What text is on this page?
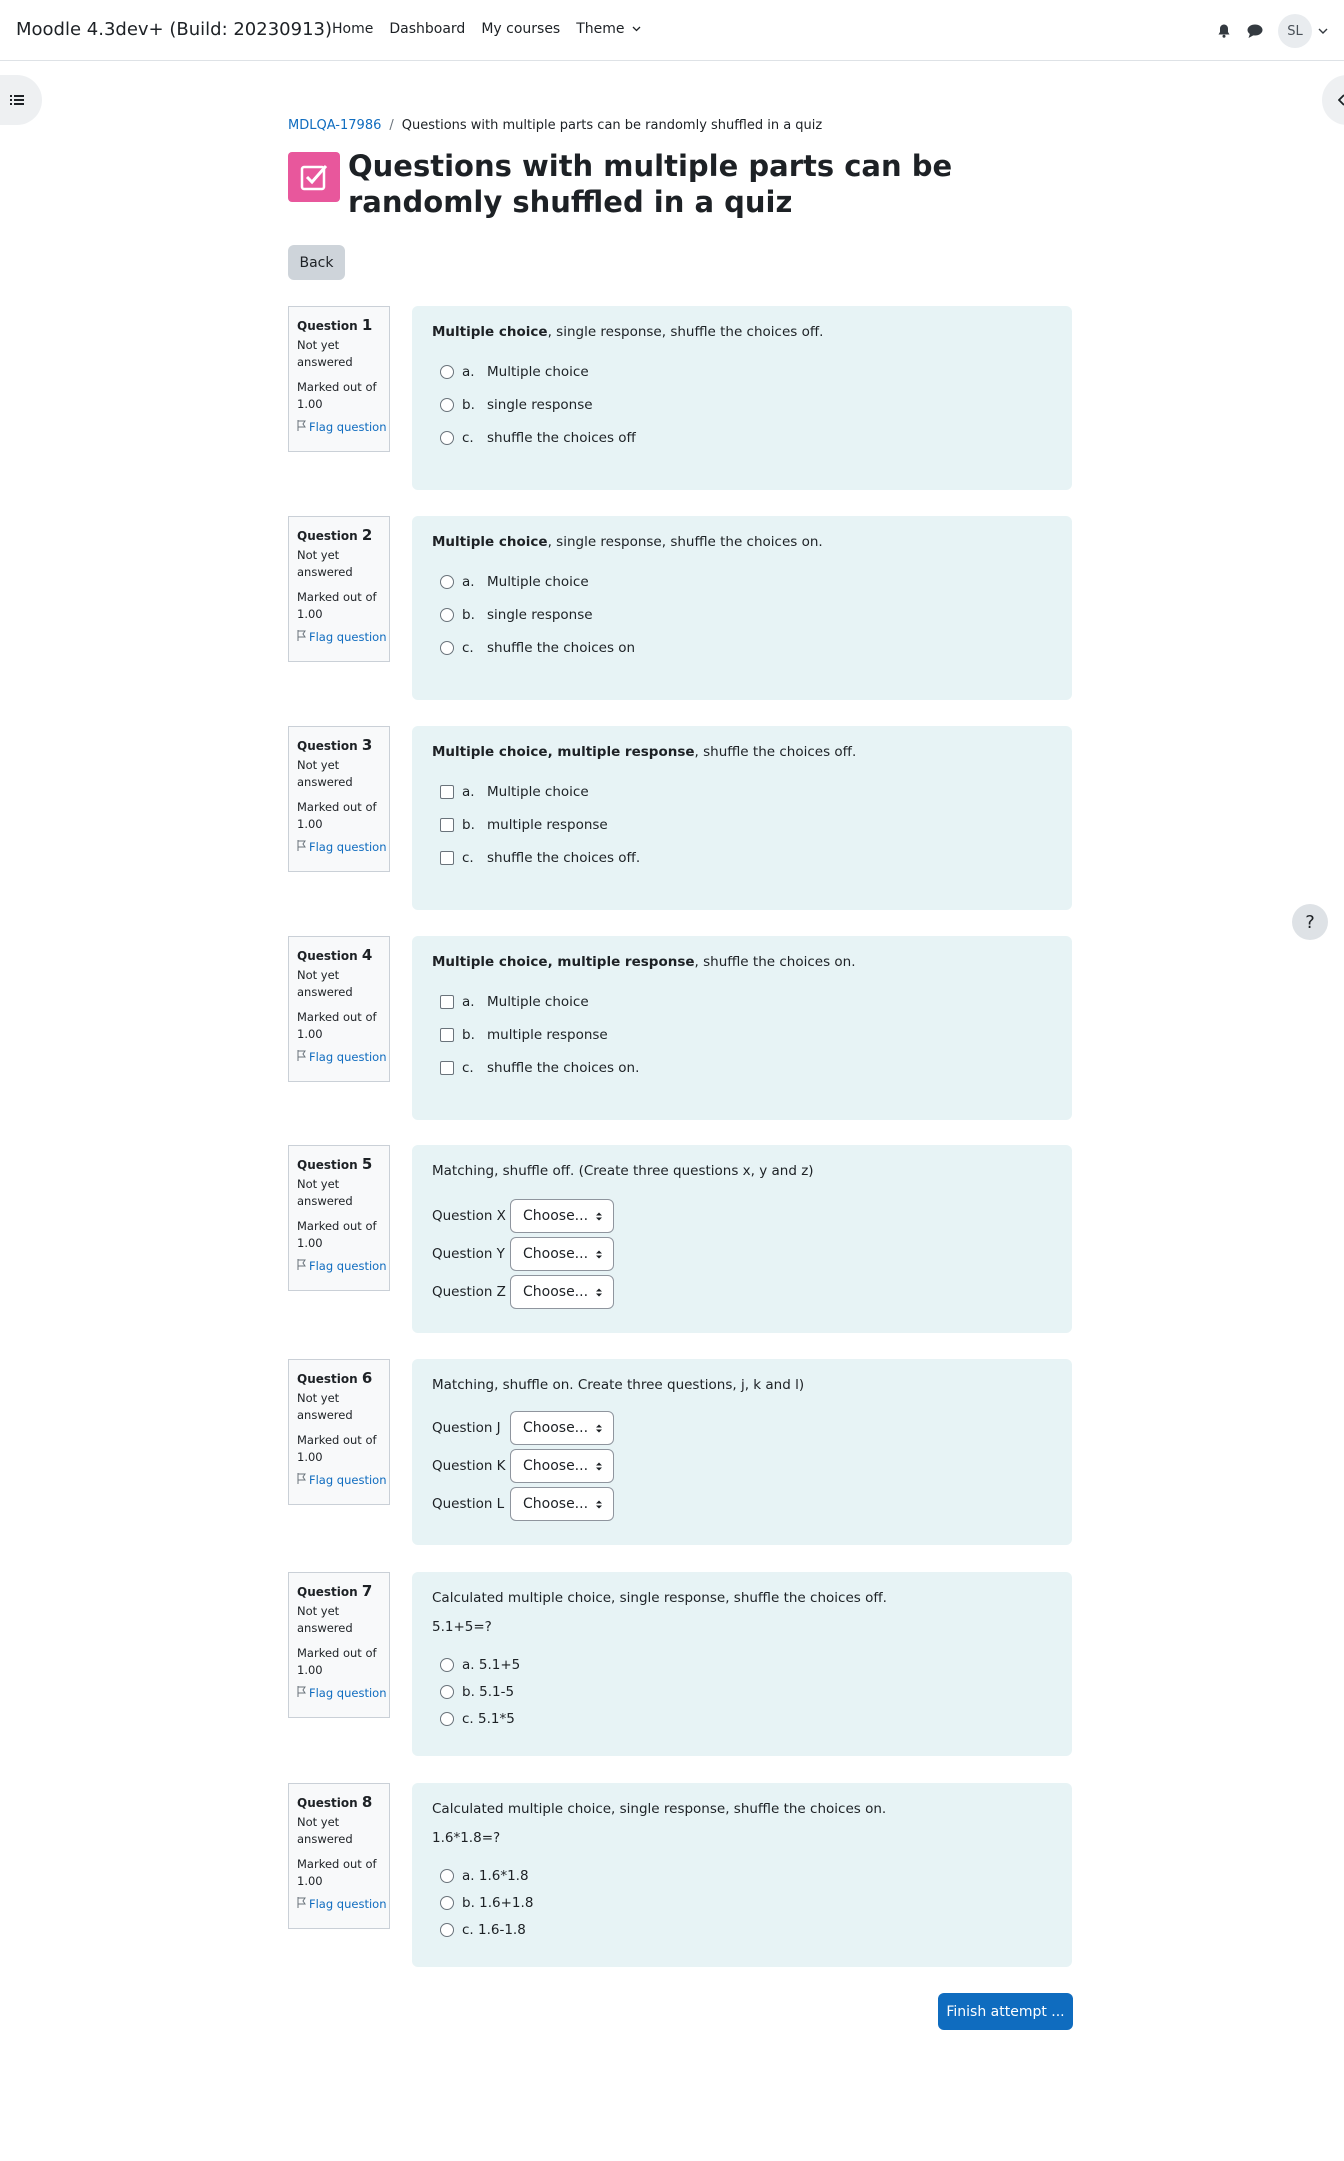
Moodle 4.3dev+ (Build: 20230913) Home Dashboard My courses Theme	SL
?
MDLQA-17986 / Questions with multiple parts can be randomly shuffled in a quiz
Questions with multiple parts can be randomly shuffled in a quiz
Back
Question 1
Not yet answered
Marked out of 1.00
Flag question
Multiple choice, single response, shuffle the choices off.
a. Multiple choice
b. single response
c. shuffle the choices off
Question 2
Not yet answered
Marked out of 1.00
Flag question
Multiple choice, single response, shuffle the choices on.
a. Multiple choice
b. single response
c. shuffle the choices on
Question 3
Not yet answered
Marked out of 1.00
Flag question
Multiple choice, multiple response, shuffle the choices off.
a. Multiple choice
b. multiple response
c. shuffle the choices off.
Question 4
Not yet answered
Marked out of 1.00
Flag question
Multiple choice, multiple response, shuffle the choices on.
a. Multiple choice
b. multiple response
c. shuffle the choices on.
Question 5
Not yet answered
Marked out of 1.00
Flag question
Matching, shuffle off. (Create three questions x, y and z)
Question X Choose...
Question Y	Choose...
Question Z Choose...
Question 6
Not yet answered
Marked out of 1.00
Flag question
Matching, shuffle on. Create three questions, j, k and l)
Question J	Choose...
Question K	Choose...
Question L	Choose...
Question 7
Not yet answered
Marked out of 1.00
Flag question
Calculated multiple choice, single response, shuffle the choices off.
5.1+5=?
a. 5.1+5
b. 5.1-5
c. 5.1*5
Question 8
Not yet answered
Marked out of 1.00
Flag question
Calculated multiple choice, single response, shuffle the choices on.
1.6*1.8=?
a. 1.6*1.8
b. 1.6+1.8
c. 1.6-1.8
Finish attempt ...
